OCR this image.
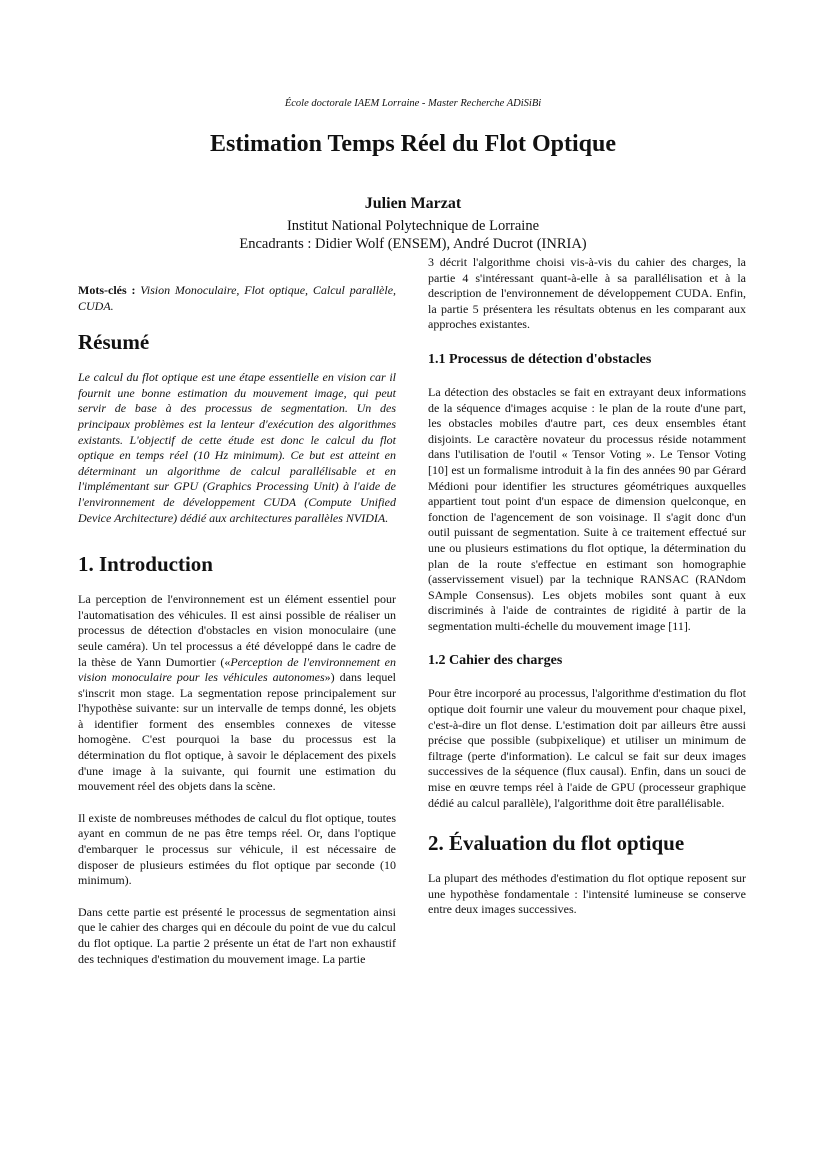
École doctorale IAEM Lorraine - Master Recherche ADiSiBi
Estimation Temps Réel du Flot Optique
Julien Marzat
Institut National Polytechnique de Lorraine
Encadrants : Didier Wolf (ENSEM), André Ducrot (INRIA)

Mots-clés : Vision Monoculaire, Flot optique, Calcul parallèle, CUDA.

Résumé

Le calcul du flot optique est une étape essentielle en vision car il fournit une bonne estimation du mouvement image, qui peut servir de base à des processus de segmentation. Un des principaux problèmes est la lenteur d'exécution des algorithmes existants. L'objectif de cette étude est donc le calcul du flot optique en temps réel (10 Hz minimum). Ce but est atteint en déterminant un algorithme de calcul parallélisable et en l'implémentant sur GPU (Graphics Processing Unit) à l'aide de l'environnement de développement CUDA (Compute Unified Device Architecture) dédié aux architectures parallèles NVIDIA.

1. Introduction

La perception de l'environnement est un élément essentiel pour l'automatisation des véhicules. Il est ainsi possible de réaliser un processus de détection d'obstacles en vision monoculaire (une seule caméra). Un tel processus a été développé dans le cadre de la thèse de Yann Dumortier («Perception de l'environnement en vision monoculaire pour les véhicules autonomes») dans lequel s'inscrit mon stage. La segmentation repose principalement sur l'hypothèse suivante: sur un intervalle de temps donné, les objets à identifier forment des ensembles connexes de vitesse homogène. C'est pourquoi la base du processus est la détermination du flot optique, à savoir le déplacement des pixels d'une image à la suivante, qui fournit une estimation du mouvement réel des objets dans la scène.

Il existe de nombreuses méthodes de calcul du flot optique, toutes ayant en commun de ne pas être temps réel. Or, dans l'optique d'embarquer le processus sur véhicule, il est nécessaire de disposer de plusieurs estimées du flot optique par seconde (10 minimum).

Dans cette partie est présenté le processus de segmentation ainsi que le cahier des charges qui en découle du point de vue du calcul du flot optique. La partie 2 présente un état de l'art non exhaustif des techniques d'estimation du mouvement image. La partie

3 décrit l'algorithme choisi vis-à-vis du cahier des charges, la partie 4 s'intéressant quant-à-elle à sa parallélisation et à la description de l'environnement de développement CUDA. Enfin, la partie 5 présentera les résultats obtenus en les comparant aux approches existantes.

1.1 Processus de détection d'obstacles

La détection des obstacles se fait en extrayant deux informations de la séquence d'images acquise : le plan de la route d'une part, les obstacles mobiles d'autre part, ces deux ensembles étant disjoints. Le caractère novateur du processus réside notamment dans l'utilisation de l'outil « Tensor Voting ». Le Tensor Voting [10] est un formalisme introduit à la fin des années 90 par Gérard Médioni pour identifier les structures géométriques auxquelles appartient tout point d'un espace de dimension quelconque, en fonction de l'agencement de son voisinage. Il s'agit donc d'un outil puissant de segmentation. Suite à ce traitement effectué sur une ou plusieurs estimations du flot optique, la détermination du plan de la route s'effectue en estimant son homographie (asservissement visuel) par la technique RANSAC (RANdom SAmple Consensus). Les objets mobiles sont quant à eux discriminés à l'aide de contraintes de rigidité à partir de la segmentation multi-échelle du mouvement image [11].

1.2 Cahier des charges

Pour être incorporé au processus, l'algorithme d'estimation du flot optique doit fournir une valeur du mouvement pour chaque pixel, c'est-à-dire un flot dense. L'estimation doit par ailleurs être aussi précise que possible (subpixelique) et utiliser un minimum de filtrage (perte d'information). Le calcul se fait sur deux images successives de la séquence (flux causal). Enfin, dans un souci de mise en œuvre temps réel à l'aide de GPU (processeur graphique dédié au calcul parallèle), l'algorithme doit être parallélisable.

2. Évaluation du flot optique

La plupart des méthodes d'estimation du flot optique reposent sur une hypothèse fondamentale : l'intensité lumineuse se conserve entre deux images successives.
